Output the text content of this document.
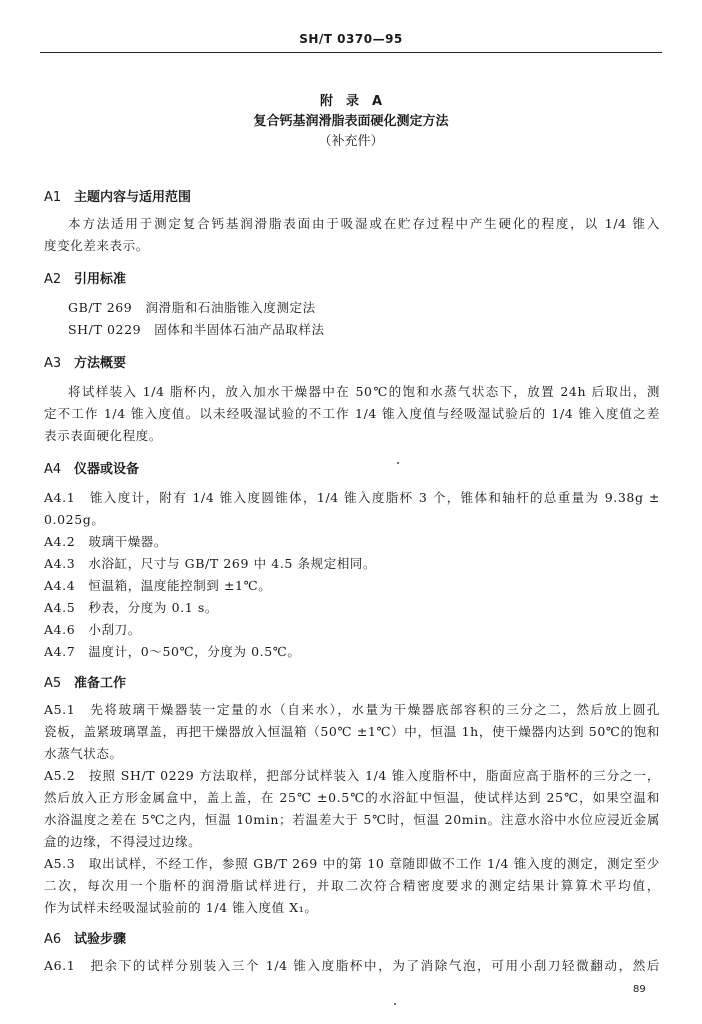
SH/T 0370—95
附　录　A
复合钙基润滑脂表面硬化测定方法
（补充件）
A1 主题内容与适用范围
本方法适用于测定复合钙基润滑脂表面由于吸湿或在贮存过程中产生硬化的程度，以 1/4 锥入
度变化差来表示。
A2 引用标准
GB/T 269　润滑脂和石油脂锥入度测定法
SH/T 0229　固体和半固体石油产品取样法
A3 方法概要
将试样装入 1/4 脂杯内，放入加水干燥器中在 50℃的饱和水蒸气状态下，放置 24h 后取出，测
定不工作 1/4 锥入度值。以未经吸湿试验的不工作 1/4 锥入度值与经吸湿试验后的 1/4 锥入度值之差
表示表面硬化程度。
A4 仪器或设备
A4.1　锥入度计，附有 1/4 锥入度圆锥体，1/4 锥入度脂杯 3 个，锥体和轴杆的总重量为 9.38g ±
0.025g。
A4.2　玻璃干燥器。
A4.3　水浴缸，尺寸与 GB/T 269 中 4.5 条规定相同。
A4.4　恒温箱，温度能控制到 ±1℃。
A4.5　秒表，分度为 0.1 s。
A4.6　小刮刀。
A4.7　温度计，0～50℃，分度为 0.5℃。
A5 准备工作
A5.1　先将玻璃干燥器装一定量的水（自来水），水量为干燥器底部容积的三分之二，然后放上圆孔
瓷板，盖紧玻璃罩盖，再把干燥器放入恒温箱（50℃ ±1℃）中，恒温 1h，使干燥器内达到 50℃的饱和
水蒸气状态。
A5.2　按照 SH/T 0229 方法取样，把部分试样装入 1/4 锥入度脂杯中，脂面应高于脂杯的三分之一，
然后放入正方形金属盒中，盖上盖，在 25℃ ±0.5℃的水浴缸中恒温，使试样达到 25℃，如果空温和
水浴温度之差在 5℃之内，恒温 10min；若温差大于 5℃时，恒温 20min。注意水浴中水位应浸近金属
盒的边缘，不得浸过边缘。
A5.3　取出试样，不经工作，参照 GB/T 269 中的第 10 章随即做不工作 1/4 锥入度的测定，测定至少
二次，每次用一个脂杯的润滑脂试样进行，并取二次符合精密度要求的测定结果计算算术平均值，
作为试样未经吸湿试验前的 1/4 锥入度值 X₁。
A6 试验步骤
A6.1　把余下的试样分别装入三个 1/4 锥入度脂杯中，为了消除气泡，可用小刮刀轻微翻动，然后
89
